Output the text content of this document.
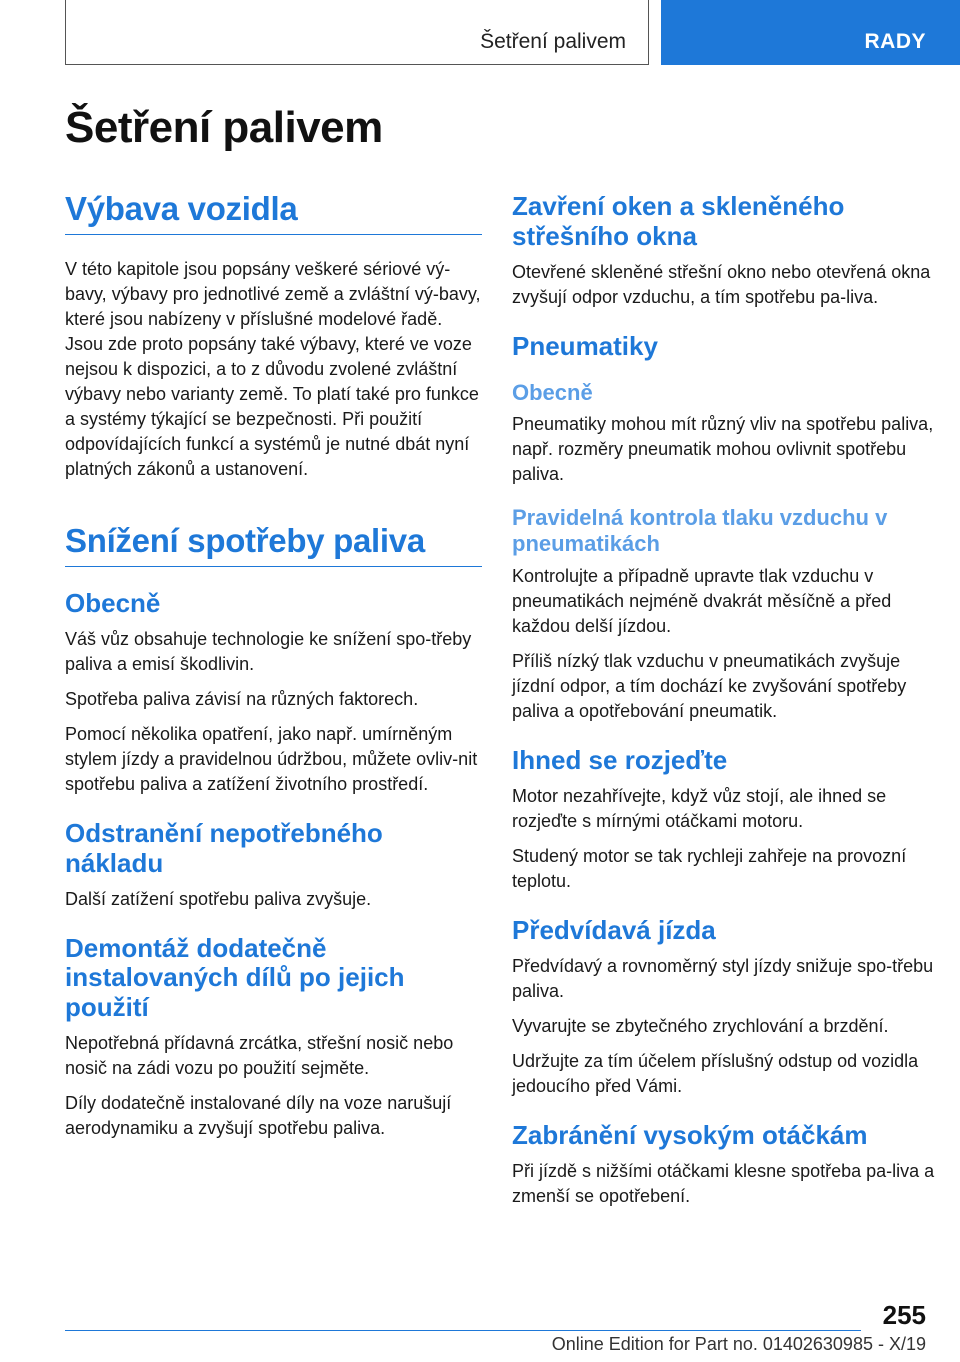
Šetření palivem	RADY
Šetření palivem
Výbava vozidla

V této kapitole jsou popsány veškeré sériové vý-bavy, výbavy pro jednotlivé země a zvláštní vý-bavy, které jsou nabízeny v příslušné modelové řadě. Jsou zde proto popsány také výbavy, které ve voze nejsou k dispozici, a to z důvodu zvolené zvláštní výbavy nebo varianty země. To platí také pro funkce a systémy týkající se bezpečnosti. Při použití odpovídajících funkcí a systémů je nutné dbát nyní platných zákonů a ustanovení.

Snížení spotřeby paliva
Obecně

Váš vůz obsahuje technologie ke snížení spo-třeby paliva a emisí škodlivin.

Spotřeba paliva závisí na různých faktorech.

Pomocí několika opatření, jako např. umírněným stylem jízdy a pravidelnou údržbou, můžete ovliv-nit spotřebu paliva a zatížení životního prostředí.

Odstranění nepotřebného nákladu

Další zatížení spotřebu paliva zvyšuje.

Demontáž dodatečně instalovaných dílů po jejich použití

Nepotřebná přídavná zrcátka, střešní nosič nebo nosič na zádi vozu po použití sejměte.

Díly dodatečně instalované díly na voze narušují aerodynamiku a zvyšují spotřebu paliva.

Zavření oken a skleněného střešního okna

Otevřené skleněné střešní okno nebo otevřená okna zvyšují odpor vzduchu, a tím spotřebu pa-liva.

Pneumatiky
Obecně

Pneumatiky mohou mít různý vliv na spotřebu paliva, např. rozměry pneumatik mohou ovlivnit spotřebu paliva.

Pravidelná kontrola tlaku vzduchu v pneumatikách

Kontrolujte a případně upravte tlak vzduchu v pneumatikách nejméně dvakrát měsíčně a před každou delší jízdou.

Příliš nízký tlak vzduchu v pneumatikách zvyšuje jízdní odpor, a tím dochází ke zvyšování spotřeby paliva a opotřebování pneumatik.

Ihned se rozjeďte

Motor nezahřívejte, když vůz stojí, ale ihned se rozjeďte s mírnými otáčkami motoru.

Studený motor se tak rychleji zahřeje na provozní teplotu.

Předvídavá jízda

Předvídavý a rovnoměrný styl jízdy snižuje spo-třebu paliva.

Vyvarujte se zbytečného zrychlování a brzdění.

Udržujte za tím účelem příslušný odstup od vozidla jedoucího před Vámi.

Zabránění vysokým otáčkám

Při jízdě s nižšími otáčkami klesne spotřeba pa-liva a zmenší se opotřebení.

255
Online Edition for Part no. 01402630985 - X/19
